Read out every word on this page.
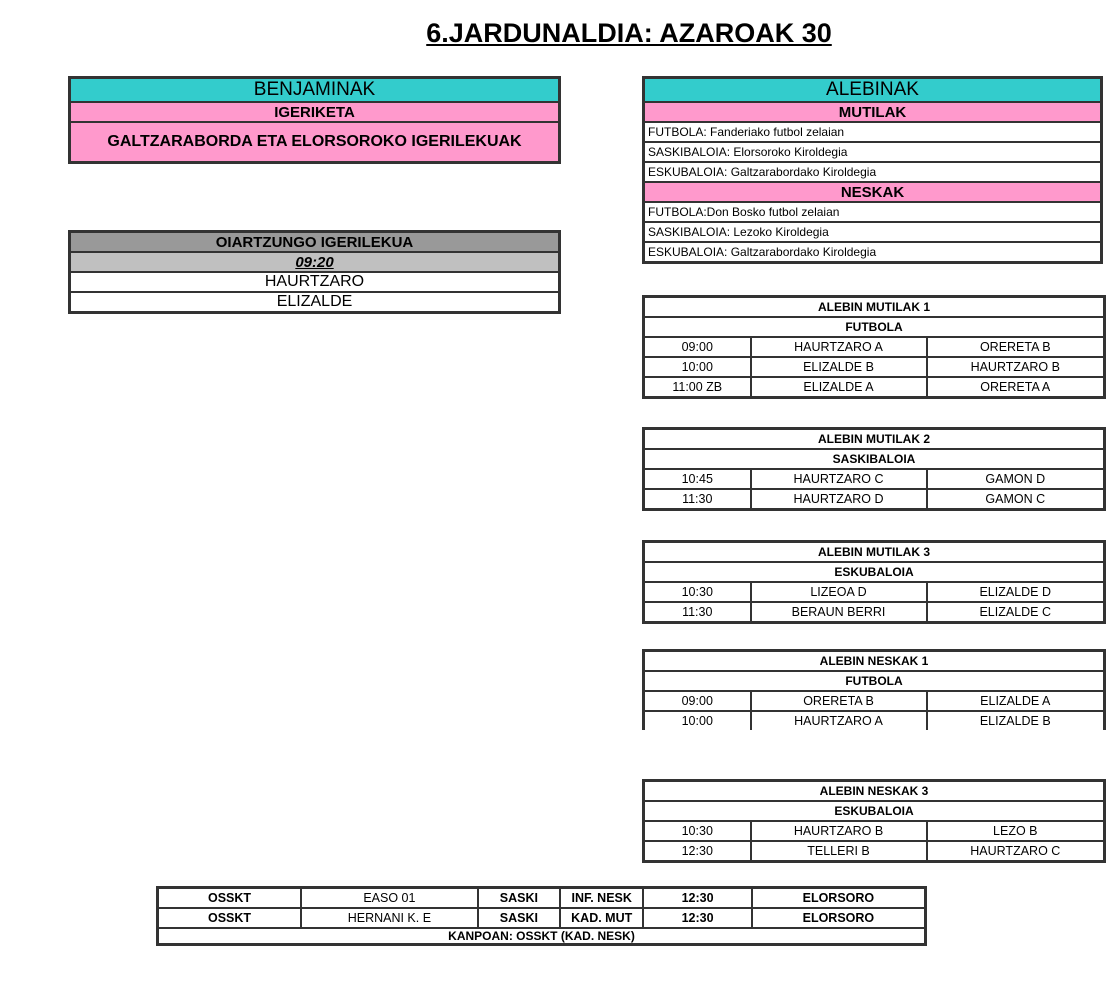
6.JARDUNALDIA: AZAROAK 30
BENJAMINAK
IGERIKETA
GALTZARABORDA ETA ELORSOROKO IGERILEKUAK
OIARTZUNGO IGERILEKUA
09:20
HAURTZARO
ELIZALDE
ALEBINAK
MUTILAK
FUTBOLA: Fanderiako futbol zelaian
SASKIBALOIA: Elorsoroko Kiroldegia
ESKUBALOIA: Galtzarabordako Kiroldegia
NESKAK
FUTBOLA:Don Bosko futbol zelaian
SASKIBALOIA: Lezoko Kiroldegia
ESKUBALOIA: Galtzarabordako Kiroldegia
ALEBIN MUTILAK 1		
FUTBOLA		
09:00	HAURTZARO A	ORERETA B
10:00	ELIZALDE B	HAURTZARO B
11:00 ZB	ELIZALDE A	ORERETA A
ALEBIN MUTILAK 2		
SASKIBALOIA		
10:45	HAURTZARO C	GAMON D
11:30	HAURTZARO D	GAMON C
ALEBIN MUTILAK 3		
ESKUBALOIA		
10:30	LIZEOA D	ELIZALDE D
11:30	BERAUN BERRI	ELIZALDE C
ALEBIN NESKAK 1		
FUTBOLA		
09:00	ORERETA B	ELIZALDE A
10:00	HAURTZARO A	ELIZALDE B
ALEBIN NESKAK 3		
ESKUBALOIA		
10:30	HAURTZARO B	LEZO B
12:30	TELLERI B	HAURTZARO C
OSSKT	EASO 01	SASKI	INF. NESK	12:30	ELORSORO
OSSKT	HERNANI K. E	SASKI	KAD. MUT	12:30	ELORSORO
KANPOAN: OSSKT (KAD. NESK)					
